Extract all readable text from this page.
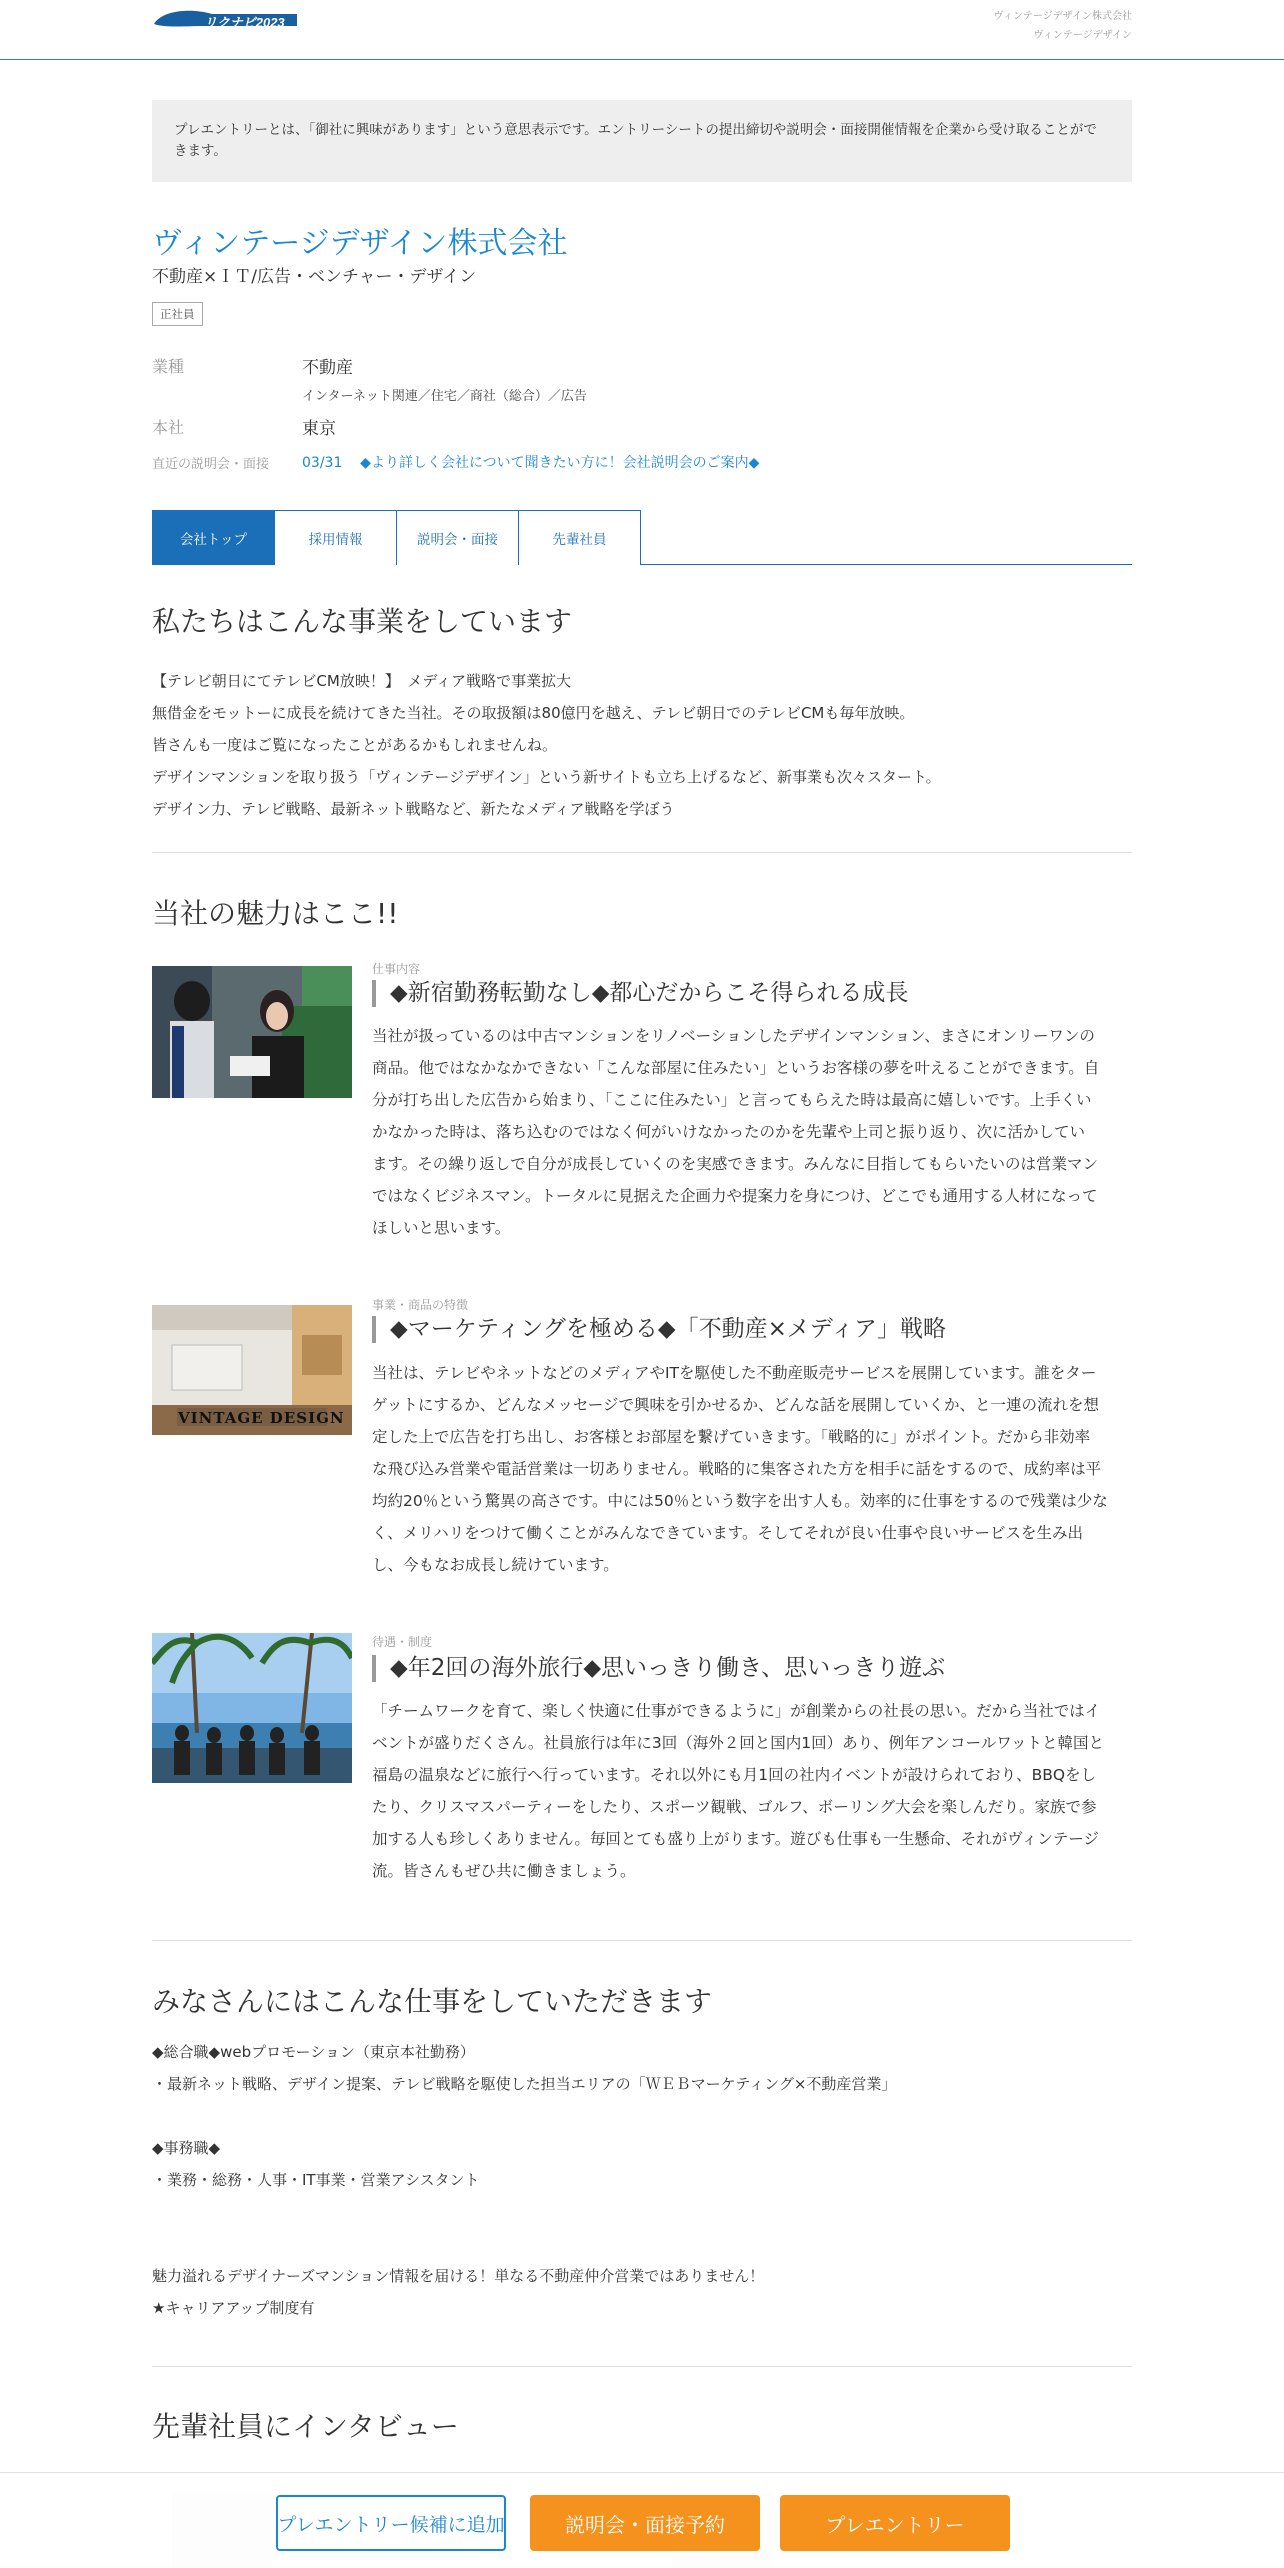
リクナビ2023	ヴィンテージデザイン株式会社
ヴィンテージデザイン
プレエントリーとは、「御社に興味があります」という意思表示です。エントリーシートの提出締切や説明会・面接開催情報を企業から受け取ることができます。
ヴィンテージデザイン株式会社
不動産×ＩＴ/広告・ベンチャー・デザイン
正社員
業種	不動産
インターネット関連／住宅／商社（総合）／広告
本社	東京
直近の説明会・面接 03/31 ◆より詳しく会社について聞きたい方に！会社説明会のご案内◆
会社トップ	採用情報	説明会・面接	先輩社員
私たちはこんな事業をしています
【テレビ朝日にてテレビCM放映！】　メディア戦略で事業拡大
無借金をモットーに成長を続けてきた当社。その取扱額は80億円を越え、テレビ朝日でのテレビCMも毎年放映。
皆さんも一度はご覧になったことがあるかもしれませんね。
デザインマンションを取り扱う「ヴィンテージデザイン」という新サイトも立ち上げるなど、新事業も次々スタート。
デザイン力、テレビ戦略、最新ネット戦略など、新たなメディア戦略を学ぼう
当社の魅力はここ!!
仕事内容
◆新宿勤務転勤なし◆都心だからこそ得られる成長
当社が扱っているのは中古マンションをリノベーションしたデザインマンション、まさにオンリーワンの
商品。他ではなかなかできない「こんな部屋に住みたい」というお客様の夢を叶えることができます。自
分が打ち出した広告から始まり、「ここに住みたい」と言ってもらえた時は最高に嬉しいです。上手くい
かなかった時は、落ち込むのではなく何がいけなかったのかを先輩や上司と振り返り、次に活かしてい
ます。その繰り返しで自分が成長していくのを実感できます。みんなに目指してもらいたいのは営業マン
ではなくビジネスマン。トータルに見据えた企画力や提案力を身につけ、どこでも通用する人材になって
ほしいと思います。
VINTAGE DESIGN
事業・商品の特徴
◆マーケティングを極める◆「不動産×メディア」戦略
当社は、テレビやネットなどのメディアやITを駆使した不動産販売サービスを展開しています。誰をター
ゲットにするか、どんなメッセージで興味を引かせるか、どんな話を展開していくか、と一連の流れを想
定した上で広告を打ち出し、お客様とお部屋を繋げていきます。「戦略的に」がポイント。だから非効率
な飛び込み営業や電話営業は一切ありません。戦略的に集客された方を相手に話をするので、成約率は平
均約20％という驚異の高さです。中には50％という数字を出す人も。効率的に仕事をするので残業は少な
く、メリハリをつけて働くことがみんなできています。そしてそれが良い仕事や良いサービスを生み出
し、今もなお成長し続けています。
待遇・制度
◆年2回の海外旅行◆思いっきり働き、思いっきり遊ぶ
「チームワークを育て、楽しく快適に仕事ができるように」が創業からの社長の思い。だから当社ではイ
ベントが盛りだくさん。社員旅行は年に3回（海外２回と国内1回）あり、例年アンコールワットと韓国と
福島の温泉などに旅行へ行っています。それ以外にも月1回の社内イベントが設けられており、BBQをし
たり、クリスマスパーティーをしたり、スポーツ観戦、ゴルフ、ボーリング大会を楽しんだり。家族で参
加する人も珍しくありません。毎回とても盛り上がります。遊びも仕事も一生懸命、それがヴィンテージ
流。皆さんもぜひ共に働きましょう。
みなさんにはこんな仕事をしていただきます
◆総合職◆webプロモーション（東京本社勤務）
・最新ネット戦略、デザイン提案、テレビ戦略を駆使した担当エリアの「ＷＥＢマーケティング×不動産営業」

◆事務職◆
・業務・総務・人事・IT事業・営業アシスタント

魅力溢れるデザイナーズマンション情報を届ける！単なる不動産仲介営業ではありません！
★キャリアアップ制度有
先輩社員にインタビュー
プレエントリー候補に追加	説明会・面接予約	プレエントリー
